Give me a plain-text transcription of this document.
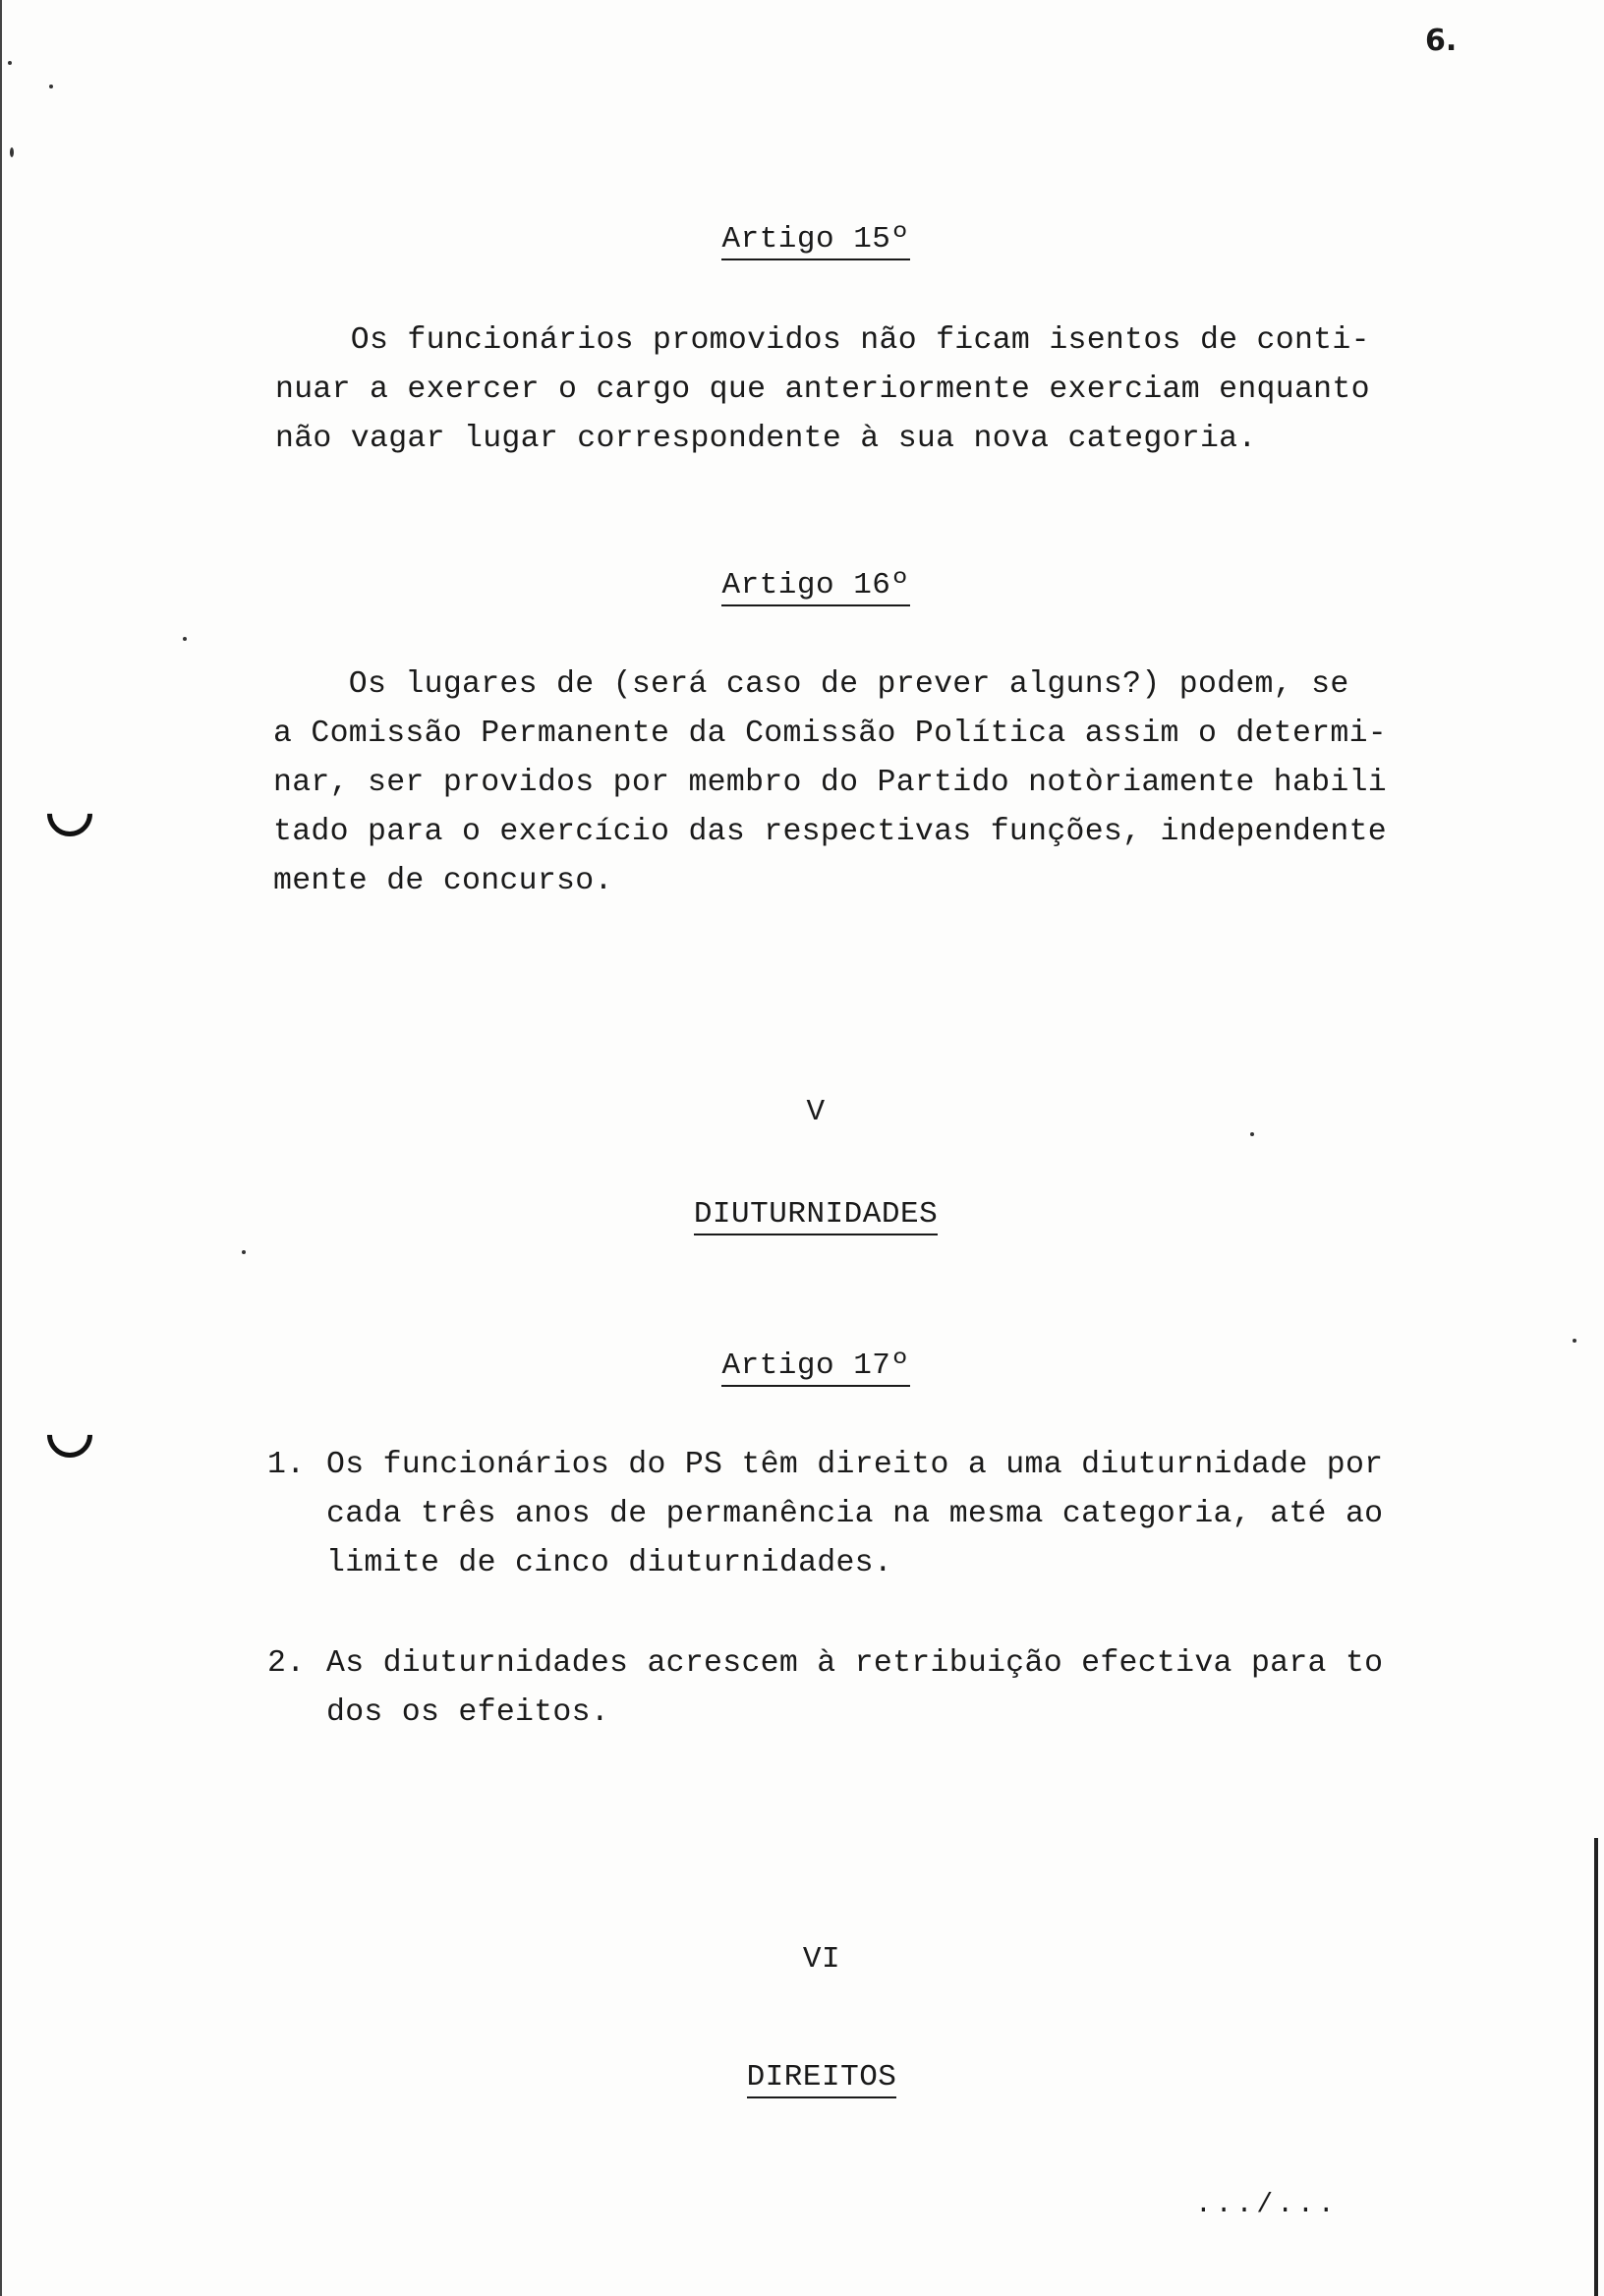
6.
Artigo 15º
Os funcionários promovidos não ficam isentos de conti-
nuar a exercer o cargo que anteriormente exerciam enquanto
não vagar lugar correspondente à sua nova categoria.
Artigo 16º
Os lugares de (será caso de prever alguns?) podem, se
a Comissão Permanente da Comissão Política assim o determi-
nar, ser providos por membro do Partido notòriamente habili
tado para o exercício das respectivas funções, independente
mente de concurso.
V
DIUTURNIDADES
Artigo 17º
1. Os funcionários do PS têm direito a uma diuturnidade por
cada três anos de permanência na mesma categoria, até ao
limite de cinco diuturnidades.
2. As diuturnidades acrescem à retribuição efectiva para to
dos os efeitos.
VI
DIREITOS
.../...
